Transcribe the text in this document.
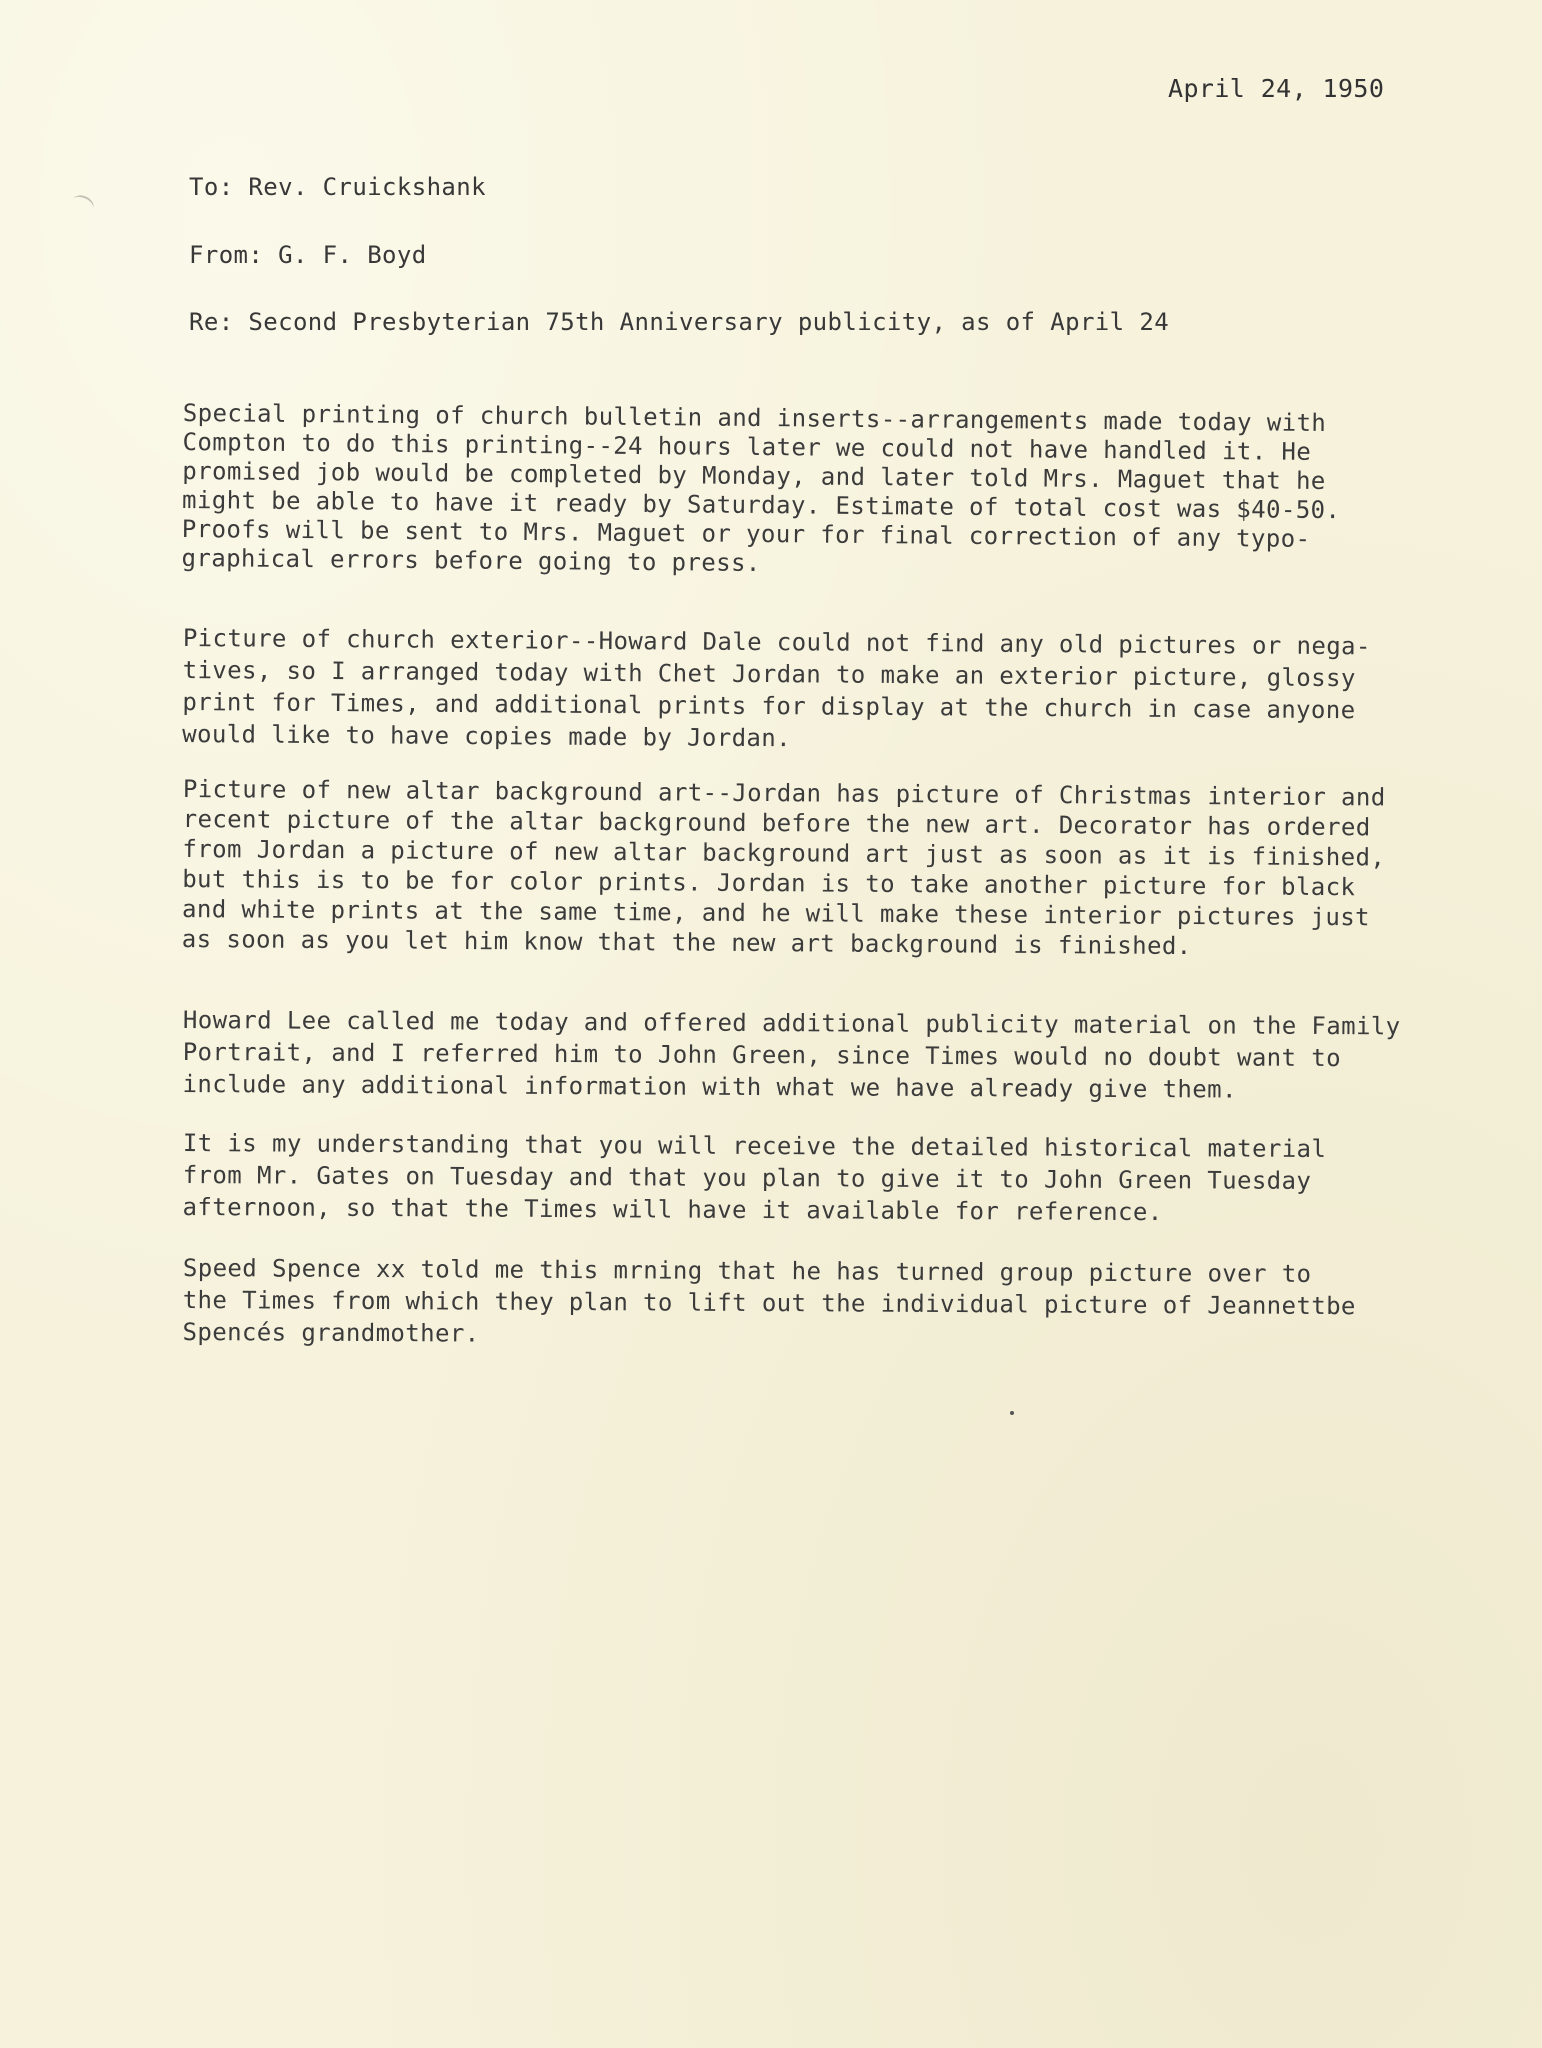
April 24, 1950
To: Rev. Cruickshank
From: G. F. Boyd
Re: Second Presbyterian 75th Anniversary publicity, as of April 24
Special printing of church bulletin and inserts--arrangements made today with
Compton to do this printing--24 hours later we could not have handled it. He
promised job would be completed by Monday, and later told Mrs. Maguet that he
might be able to have it ready by Saturday. Estimate of total cost was $40-50.
Proofs will be sent to Mrs. Maguet or your for final correction of any typo-
graphical errors before going to press.
Picture of church exterior--Howard Dale could not find any old pictures or nega-
tives, so I arranged today with Chet Jordan to make an exterior picture, glossy
print for Times, and additional prints for display at the church in case anyone
would like to have copies made by Jordan.
Picture of new altar background art--Jordan has picture of Christmas interior and
recent picture of the altar background before the new art. Decorator has ordered
from Jordan a picture of new altar background art just as soon as it is finished,
but this is to be for color prints. Jordan is to take another picture for black
and white prints at the same time, and he will make these interior pictures just
as soon as you let him know that the new art background is finished.
Howard Lee called me today and offered additional publicity material on the Family
Portrait, and I referred him to John Green, since Times would no doubt want to
include any additional information with what we have already give them.
It is my understanding that you will receive the detailed historical material
from Mr. Gates on Tuesday and that you plan to give it to John Green Tuesday
afternoon, so that the Times will have it available for reference.
Speed Spence xx told me this mrning that he has turned group picture over to
the Times from which they plan to lift out the individual picture of Jeannettbe
Spencés grandmother.
